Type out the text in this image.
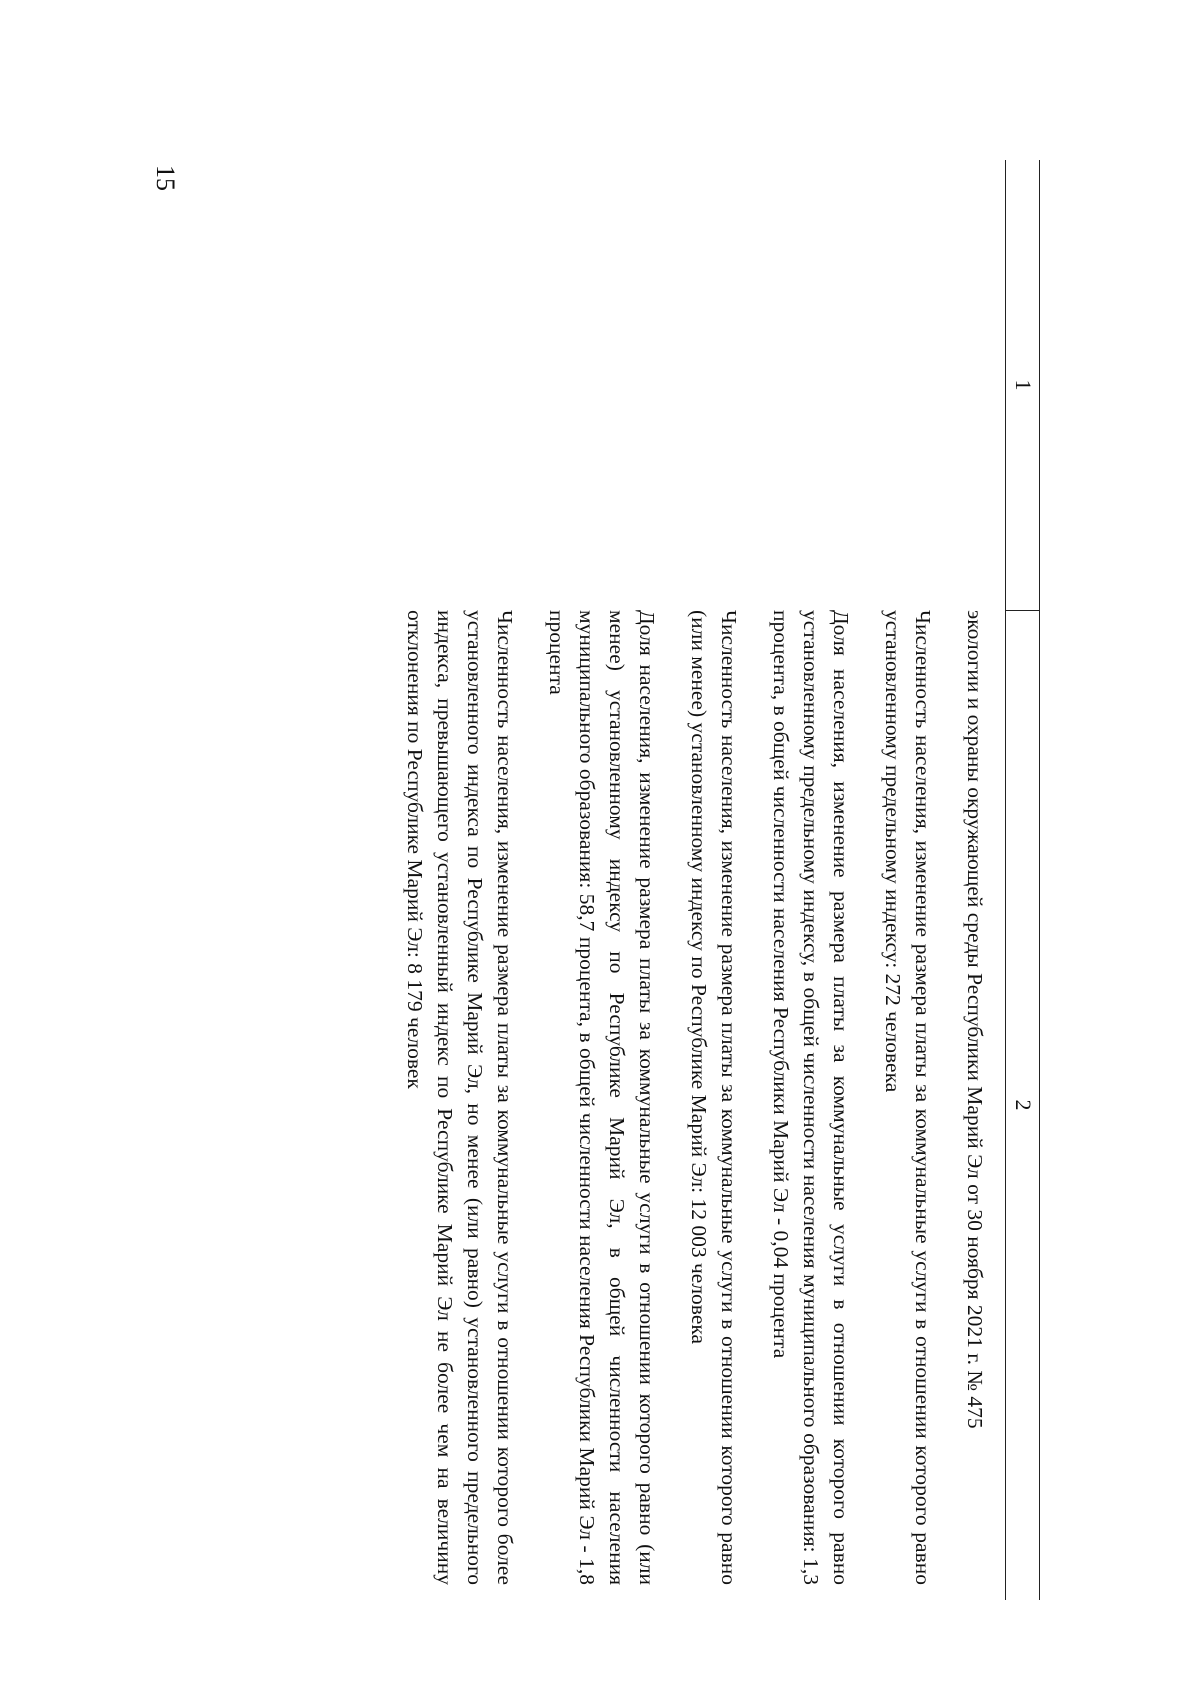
15
1
2

экологии и охраны окружающей среды Республики Марий Эл от 30 ноября 2021 г. № 475

Численность населения, изменение размера платы за коммунальные услуги в отношении которого равно установленному предельному индексу: 272 человека

Доля населения, изменение размера платы за коммунальные услуги в отношении которого равно установленному предельному индексу, в общей численности населения муниципального образования: 1,3 процента, в общей численности населения Республики Марий Эл - 0,04 процента

Численность населения, изменение размера платы за коммунальные услуги в отношении которого равно (или менее) установленному индексу по Республике Марий Эл: 12 003 человека

Доля населения, изменение размера платы за коммунальные услуги в отношении которого равно (или менее) установленному индексу по Республике Марий Эл, в общей численности населения муниципального образования: 58,7 процента, в общей численности населения Республики Марий Эл - 1,8 процента

Численность населения, изменение размера платы за коммунальные услуги в отношении которого более установленного индекса по Республике Марий Эл, но менее (или равно) установленного предельного индекса, превышающего установленный индекс по Республике Марий Эл не более чем на величину отклонения по Республике Марий Эл: 8 179 человек
